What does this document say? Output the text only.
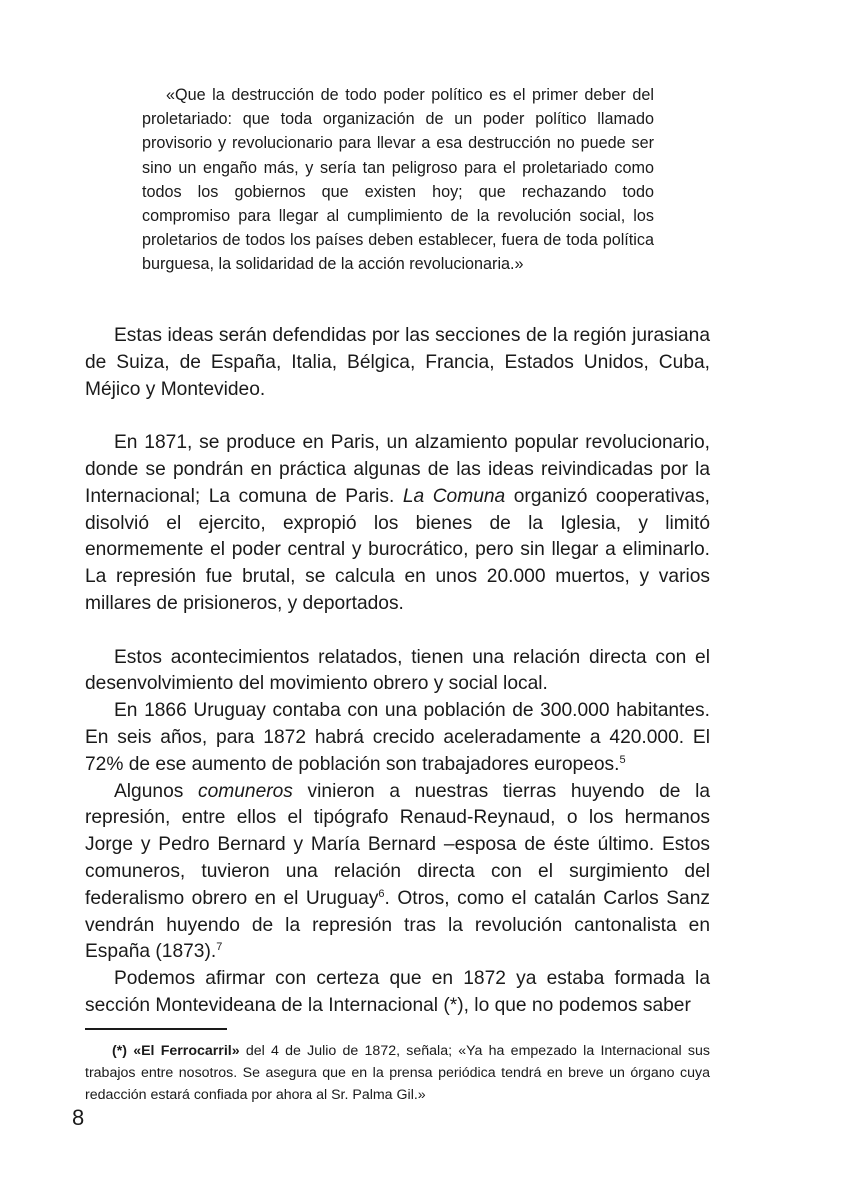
«Que la destrucción de todo poder político es el primer deber del proletariado: que toda organización de un poder político llamado provisorio y revolucionario para llevar a esa destrucción no puede ser sino un engaño más, y sería tan peligroso para el proletariado como todos los gobiernos que existen hoy; que rechazando todo compromiso para llegar al cumplimiento de la revolución social, los proletarios de todos los países deben establecer, fuera de toda política burguesa, la solidaridad de la acción revolucionaria.»

Estas ideas serán defendidas por las secciones de la región jurasiana de Suiza, de España, Italia, Bélgica, Francia, Estados Unidos, Cuba, Méjico y Montevideo.

En 1871, se produce en Paris, un alzamiento popular revolucionario, donde se pondrán en práctica algunas de las ideas reivindicadas por la Internacional; La comuna de Paris. La Comuna organizó cooperativas, disolvió el ejercito, expropió los bienes de la Iglesia, y limitó enormemente el poder central y burocrático, pero sin llegar a eliminarlo. La represión fue brutal, se calcula en unos 20.000 muertos, y varios millares de prisioneros, y deportados.

Estos acontecimientos relatados, tienen una relación directa con el desenvolvimiento del movimiento obrero y social local.

En 1866 Uruguay contaba con una población de 300.000 habitantes. En seis años, para 1872 habrá crecido aceleradamente a 420.000. El 72% de ese aumento de población son trabajadores europeos.$^5$

Algunos comuneros vinieron a nuestras tierras huyendo de la represión, entre ellos el tipógrafo Renaud-Reynaud, o los hermanos Jorge y Pedro Bernard y María Bernard –esposa de éste último. Estos comuneros, tuvieron una relación directa con el surgimiento del federalismo obrero en el Uruguay$^6$. Otros, como el catalán Carlos Sanz vendrán huyendo de la represión tras la revolución cantonalista en España (1873).$^7$

Podemos afirmar con certeza que en 1872 ya estaba formada la sección Montevideana de la Internacional (*), lo que no podemos saber

(*) «El Ferrocarril» del 4 de Julio de 1872, señala; «Ya ha empezado la Internacional sus trabajos entre nosotros. Se asegura que en la prensa periódica tendrá en breve un órgano cuya redacción estará confiada por ahora al Sr. Palma Gil.»

8
